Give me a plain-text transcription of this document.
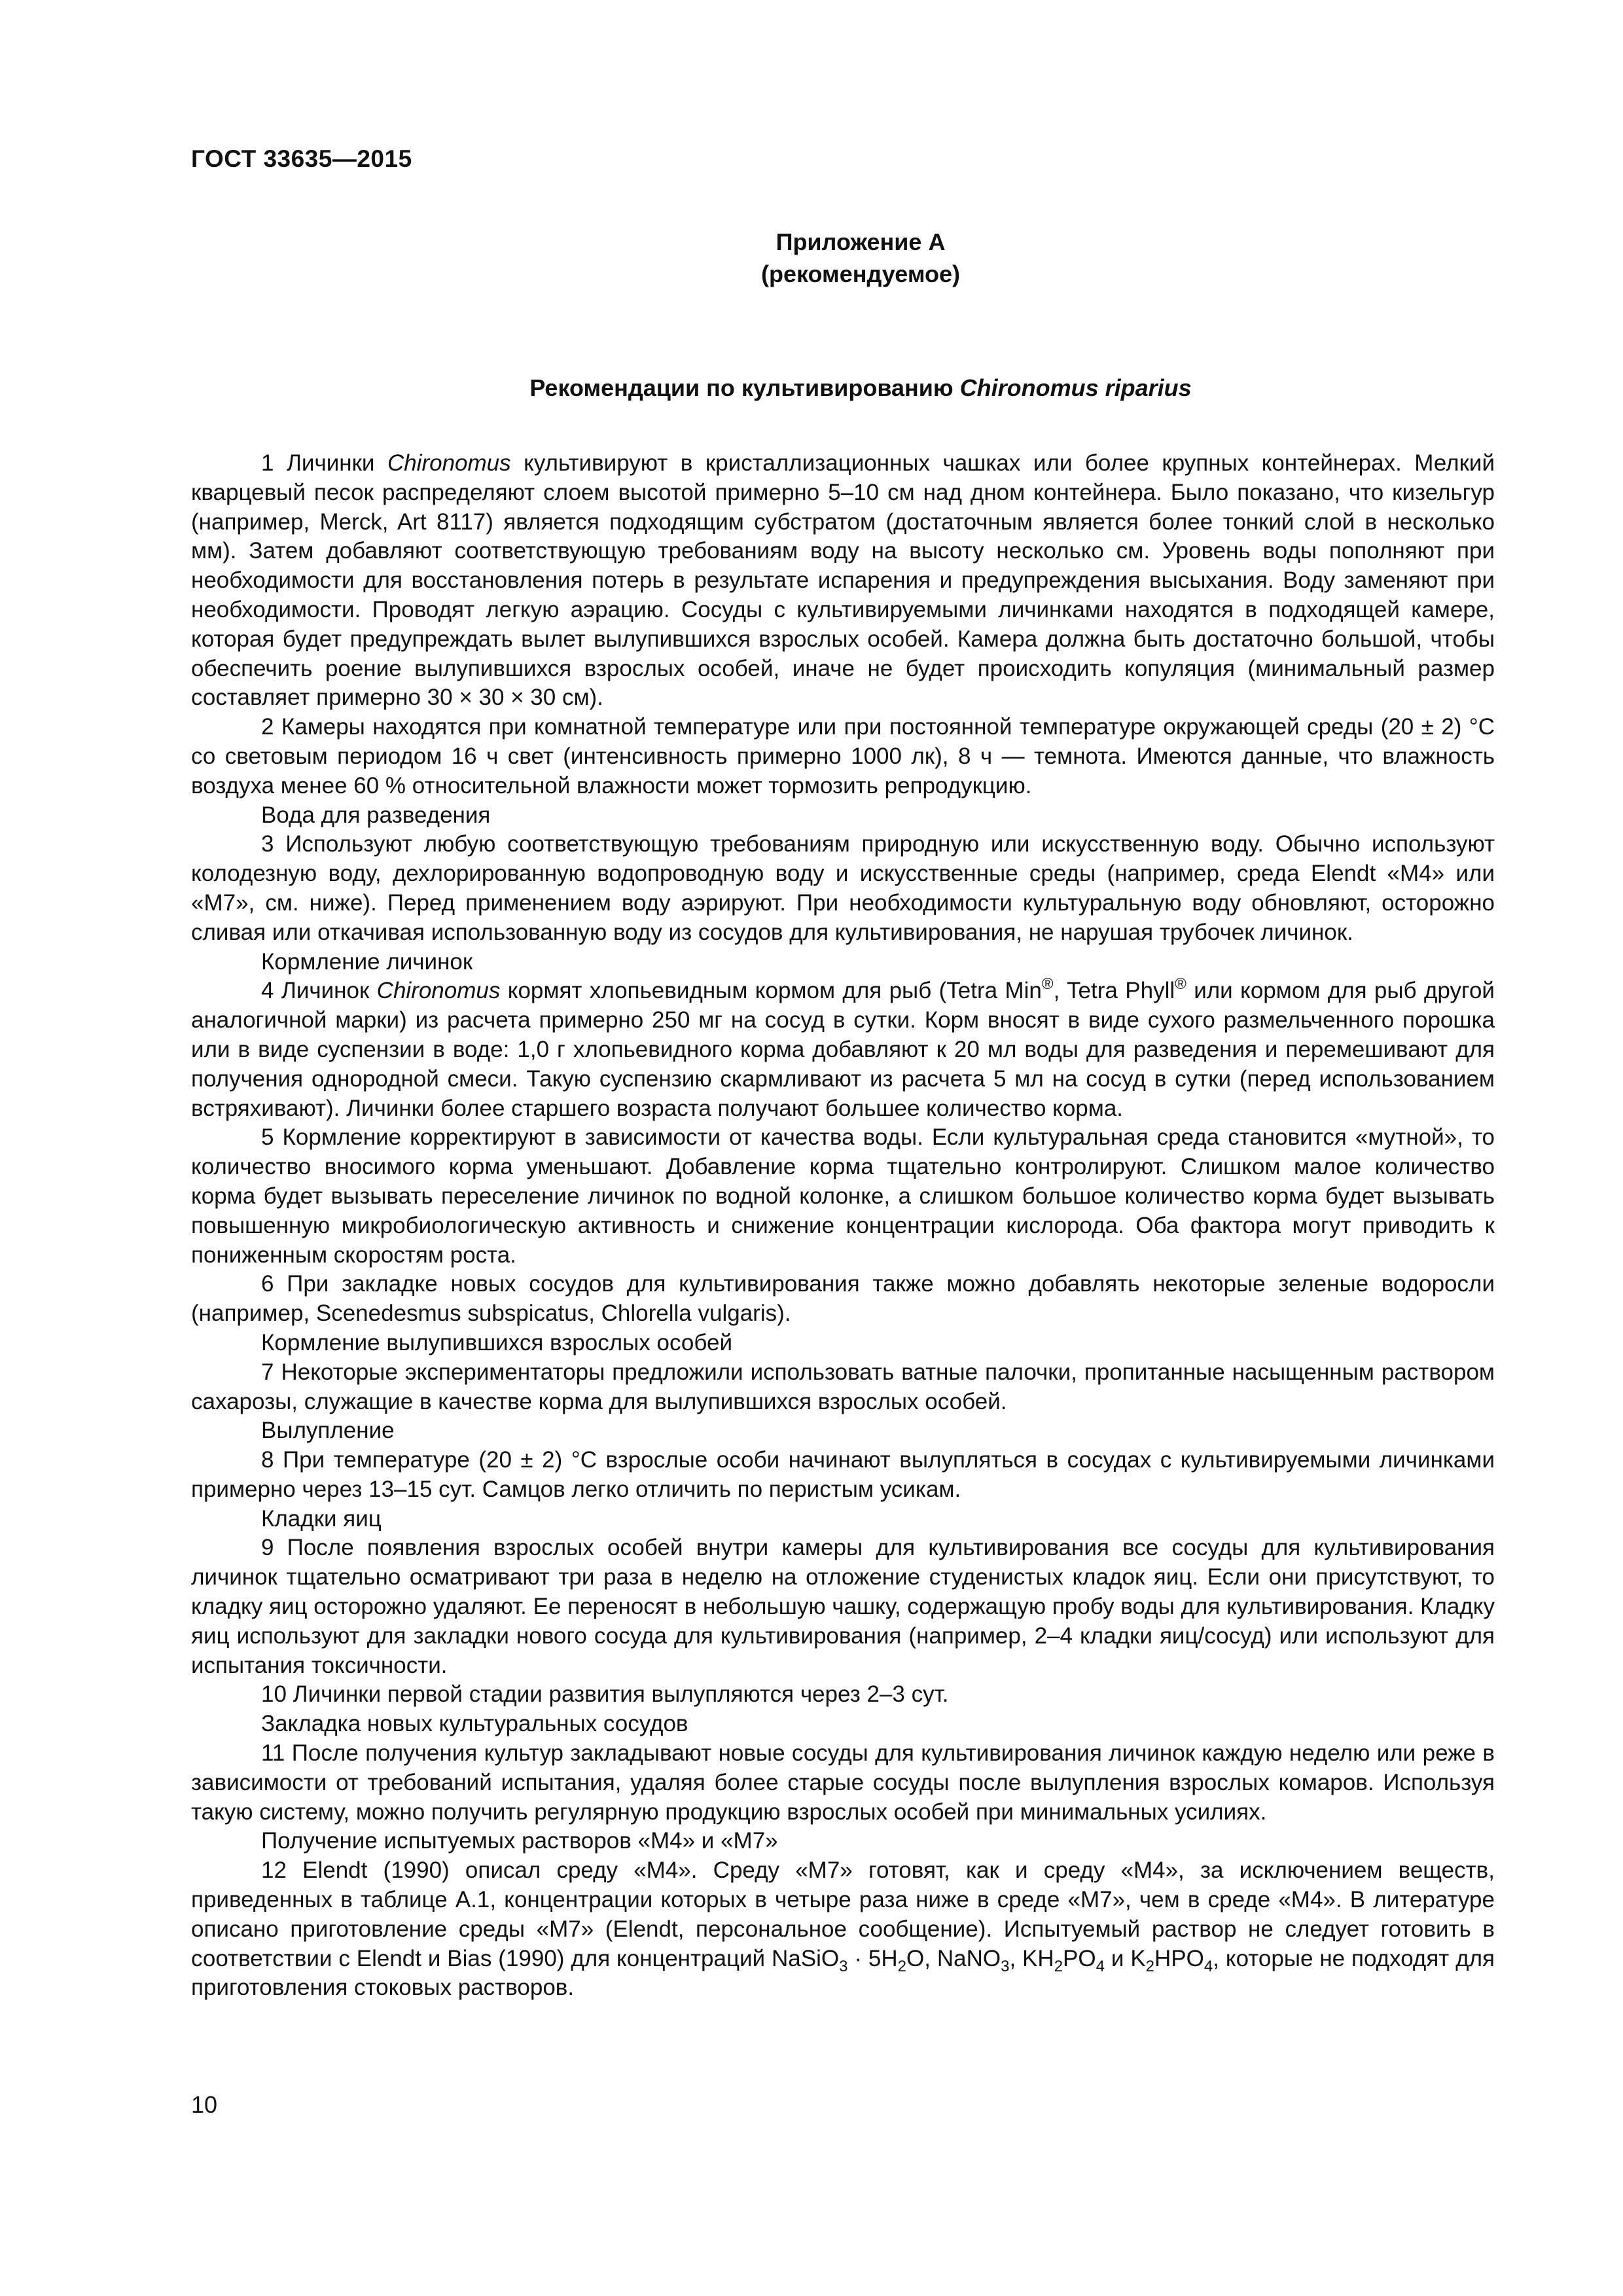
ГОСТ 33635—2015
Приложение А
(рекомендуемое)
Рекомендации по культивированию Chironomus riparius

1 Личинки Chironomus культивируют в кристаллизационных чашках или более крупных контейнерах. Мелкий кварцевый песок распределяют слоем высотой примерно 5–10 см над дном контейнера. Было показано, что кизельгур (например, Merck, Art 8117) является подходящим субстратом (достаточным является более тонкий слой в несколько мм). Затем добавляют соответствующую требованиям воду на высоту несколько см. Уровень воды пополняют при необходимости для восстановления потерь в результате испарения и предупреждения высыхания. Воду заменяют при необходимости. Проводят легкую аэрацию. Сосуды с культивируемыми личинками находятся в подходящей камере, которая будет предупреждать вылет вылупившихся взрослых особей. Камера должна быть достаточно большой, чтобы обеспечить роение вылупившихся взрослых особей, иначе не будет происходить копуляция (минимальный размер составляет примерно 30 × 30 × 30 см).

2 Камеры находятся при комнатной температуре или при постоянной температуре окружающей среды (20 ± 2) °C со световым периодом 16 ч свет (интенсивность примерно 1000 лк), 8 ч — темнота. Имеются данные, что влажность воздуха менее 60 % относительной влажности может тормозить репродукцию.

Вода для разведения

3 Используют любую соответствующую требованиям природную или искусственную воду. Обычно используют колодезную воду, дехлорированную водопроводную воду и искусственные среды (например, среда Elendt «M4» или «M7», см. ниже). Перед применением воду аэрируют. При необходимости культуральную воду обновляют, осторожно сливая или откачивая использованную воду из сосудов для культивирования, не нарушая трубочек личинок.

Кормление личинок

4 Личинок Chironomus кормят хлопьевидным кормом для рыб (Tetra Min®, Tetra Phyll® или кормом для рыб другой аналогичной марки) из расчета примерно 250 мг на сосуд в сутки. Корм вносят в виде сухого размельченного порошка или в виде суспензии в воде: 1,0 г хлопьевидного корма добавляют к 20 мл воды для разведения и перемешивают для получения однородной смеси. Такую суспензию скармливают из расчета 5 мл на сосуд в сутки (перед использованием встряхивают). Личинки более старшего возраста получают большее количество корма.

5 Кормление корректируют в зависимости от качества воды. Если культуральная среда становится «мутной», то количество вносимого корма уменьшают. Добавление корма тщательно контролируют. Слишком малое количество корма будет вызывать переселение личинок по водной колонке, а слишком большое количество корма будет вызывать повышенную микробиологическую активность и снижение концентрации кислорода. Оба фактора могут приводить к пониженным скоростям роста.

6 При закладке новых сосудов для культивирования также можно добавлять некоторые зеленые водоросли (например, Scenedesmus subspicatus, Chlorella vulgaris).

Кормление вылупившихся взрослых особей

7 Некоторые экспериментаторы предложили использовать ватные палочки, пропитанные насыщенным раствором сахарозы, служащие в качестве корма для вылупившихся взрослых особей.

Вылупление

8 При температуре (20 ± 2) °C взрослые особи начинают вылупляться в сосудах с культивируемыми личинками примерно через 13–15 сут. Самцов легко отличить по перистым усикам.

Кладки яиц

9 После появления взрослых особей внутри камеры для культивирования все сосуды для культивирования личинок тщательно осматривают три раза в неделю на отложение студенистых кладок яиц. Если они присутствуют, то кладку яиц осторожно удаляют. Ее переносят в небольшую чашку, содержащую пробу воды для культивирования. Кладку яиц используют для закладки нового сосуда для культивирования (например, 2–4 кладки яиц/сосуд) или используют для испытания токсичности.

10 Личинки первой стадии развития вылупляются через 2–3 сут.

Закладка новых культуральных сосудов

11 После получения культур закладывают новые сосуды для культивирования личинок каждую неделю или реже в зависимости от требований испытания, удаляя более старые сосуды после вылупления взрослых комаров. Используя такую систему, можно получить регулярную продукцию взрослых особей при минимальных усилиях.

Получение испытуемых растворов «M4» и «M7»

12 Elendt (1990) описал среду «M4». Среду «M7» готовят, как и среду «M4», за исключением веществ, приведенных в таблице А.1, концентрации которых в четыре раза ниже в среде «M7», чем в среде «M4». В литературе описано приготовление среды «M7» (Elendt, персональное сообщение). Испытуемый раствор не следует готовить в соответствии с Elendt и Bias (1990) для концентраций NaSiO$_3$ · $5H_2O$, NaNO$_3$, $KH_2PO_4$ и $K_2HPO_4$, которые не подходят для приготовления стоковых растворов.

10
